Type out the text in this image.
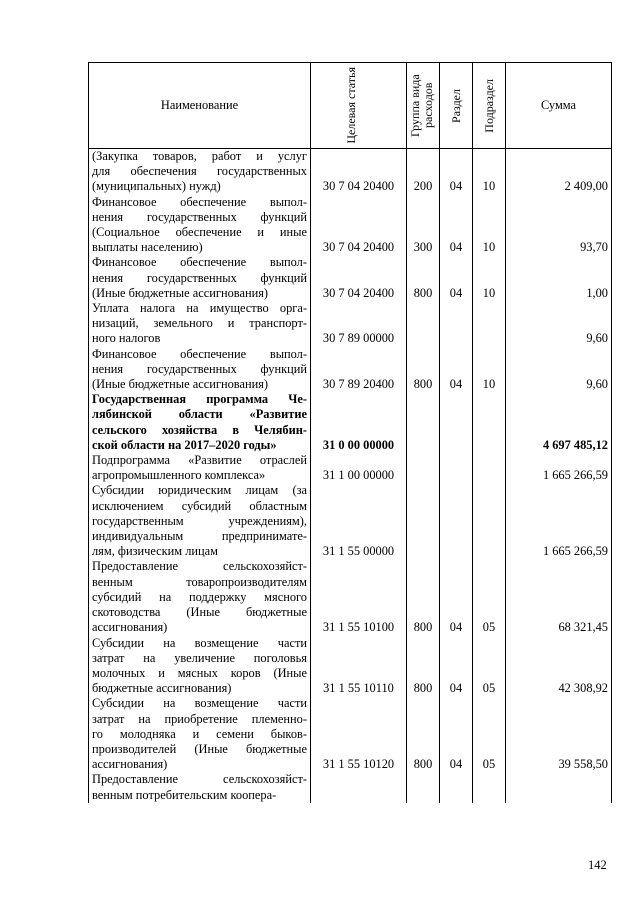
Наименование	Целевая статья	Группа вида расходов	Раздел	Подраздел	Сумма

(Закупка товаров, работ и услуг
для обеспечения государственных
(муниципальных) нужд)	30 7 04 20400	200	04	10	2 409,00

Финансовое обеспечение выпол-
нения государственных функций
(Социальное обеспечение и иные
выплаты населению)	30 7 04 20400	300	04	10	93,70

Финансовое обеспечение выпол-
нения государственных функций
(Иные бюджетные ассигнования)	30 7 04 20400	800	04	10	1,00

Уплата налога на имущество орга-
низаций, земельного и транспорт-
ного налогов	30 7 89 00000				9,60

Финансовое обеспечение выпол-
нения государственных функций
(Иные бюджетные ассигнования)	30 7 89 20400	800	04	10	9,60

Государственная программа Че-
лябинской области «Развитие
сельского хозяйства в Челябин-
ской области на 2017–2020 годы»	31 0 00 00000				4 697 485,12

Подпрограмма «Развитие отраслей
агропромышленного комплекса»	31 1 00 00000				1 665 266,59

Субсидии юридическим лицам (за
исключением субсидий областным
государственным учреждениям),
индивидуальным предпринимате-
лям, физическим лицам	31 1 55 00000				1 665 266,59

Предоставление сельскохозяйст-
венным товаропроизводителям
субсидий на поддержку мясного
скотоводства (Иные бюджетные
ассигнования)	31 1 55 10100	800	04	05	68 321,45

Субсидии на возмещение части
затрат на увеличение поголовья
молочных и мясных коров (Иные
бюджетные ассигнования)	31 1 55 10110	800	04	05	42 308,92

Субсидии на возмещение части
затрат на приобретение племенно-
го молодняка и семени быков-
производителей (Иные бюджетные
ассигнования)	31 1 55 10120	800	04	05	39 558,50

Предоставление сельскохозяйст-
венным потребительским коопера-					

142
